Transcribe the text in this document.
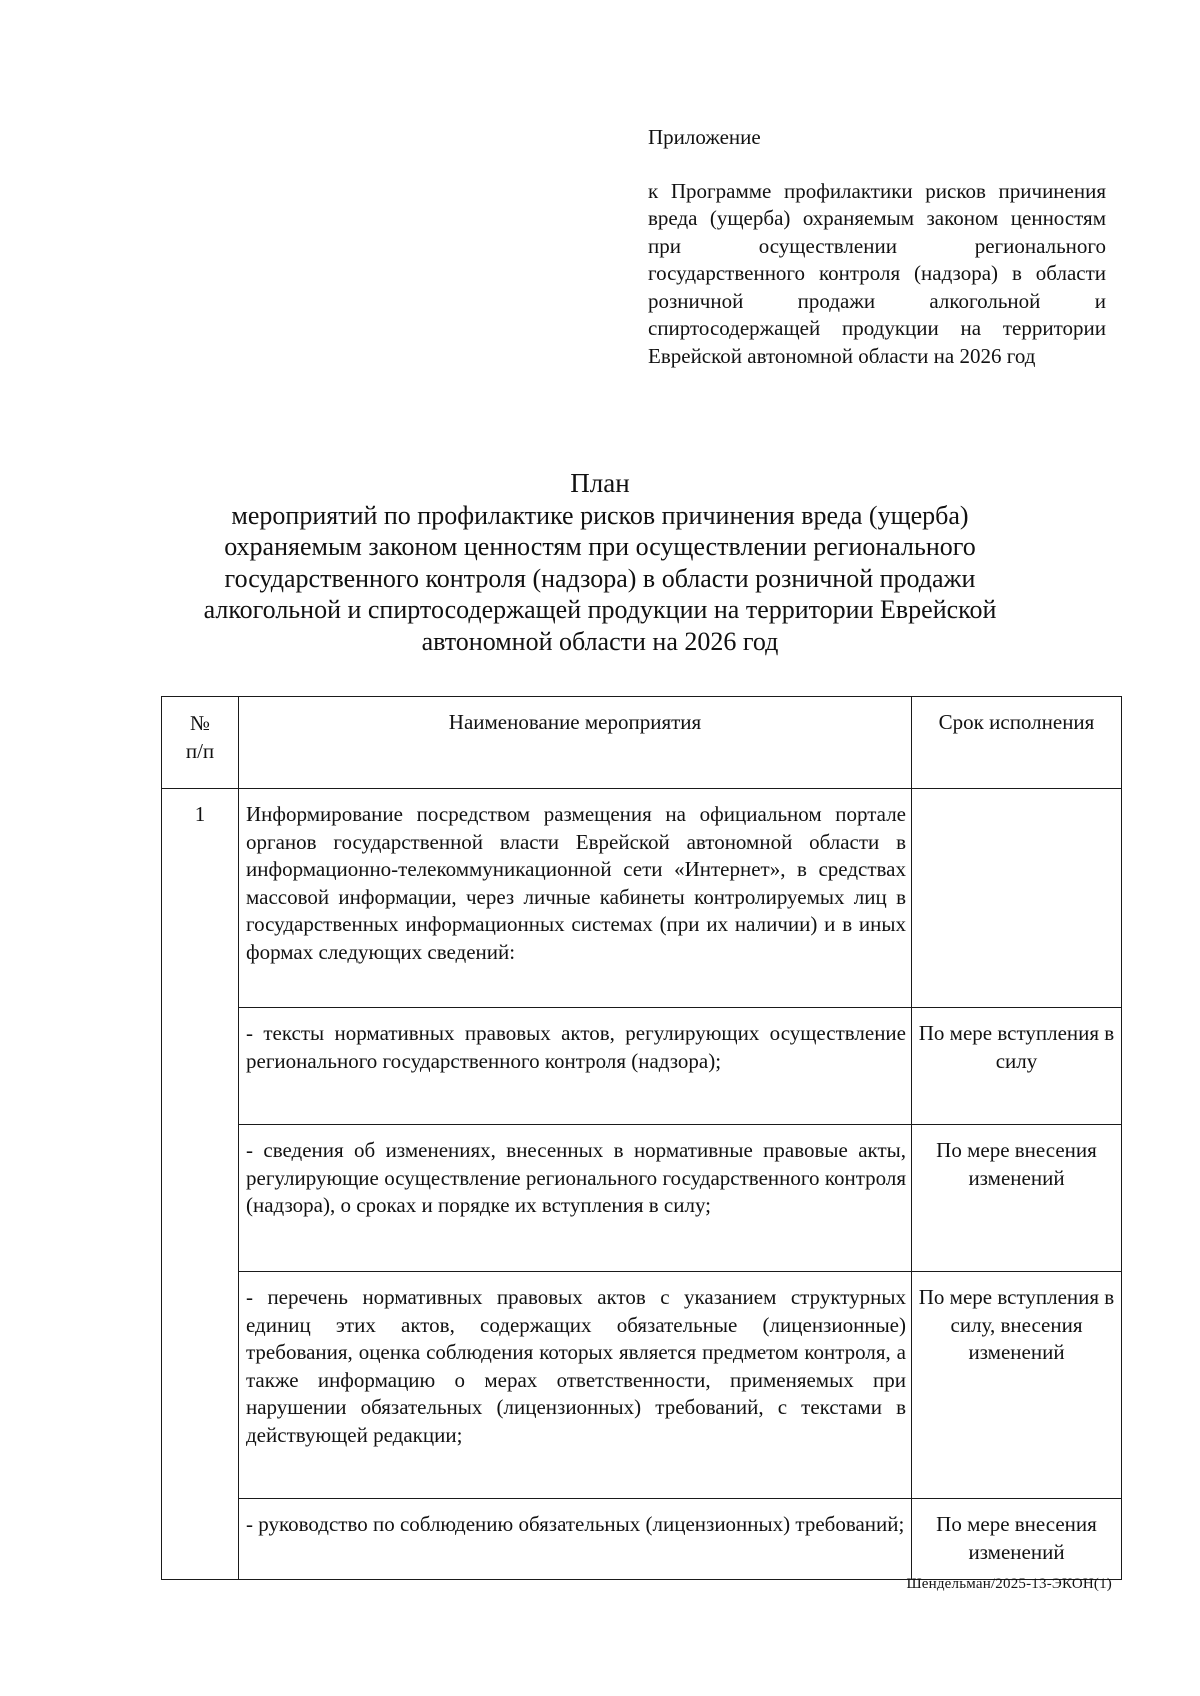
Приложение

к Программе профилактики рисков причинения вреда (ущерба) охраняемым законом ценностям при осуществлении регионального государственного контроля (надзора) в области розничной продажи алкогольной и спиртосодержащей продукции на территории Еврейской автономной области на 2026 год

План

мероприятий по профилактике рисков причинения вреда (ущерба) охраняемым законом ценностям при осуществлении регионального государственного контроля (надзора) в области розничной продажи алкогольной и спиртосодержащей продукции на территории Еврейской автономной области на 2026 год

№
п/п	Наименование мероприятия	Срок исполнения
1	Информирование посредством размещения на официальном портале органов государственной власти Еврейской автономной области в информационно-телекоммуникационной сети «Интернет», в средствах массовой информации, через личные кабинеты контролируемых лиц в государственных информационных системах (при их наличии) и в иных формах следующих сведений:	
	- тексты нормативных правовых актов, регулирующих осуществление регионального государственного контроля (надзора);	По мере вступления в силу
	- сведения об изменениях, внесенных в нормативные правовые акты, регулирующие осуществление регионального государственного контроля (надзора), о сроках и порядке их вступления в силу;	По мере внесения изменений
	- перечень нормативных правовых актов с указанием структурных единиц этих актов, содержащих обязательные (лицензионные) требования, оценка соблюдения которых является предметом контроля, а также информацию о мерах ответственности, применяемых при нарушении обязательных (лицензионных) требований, с текстами в действующей редакции;	По мере вступления в силу, внесения изменений
	- руководство по соблюдению обязательных (лицензионных) требований;	По мере внесения изменений
Шендельман/2025-13-ЭКОН(1)
